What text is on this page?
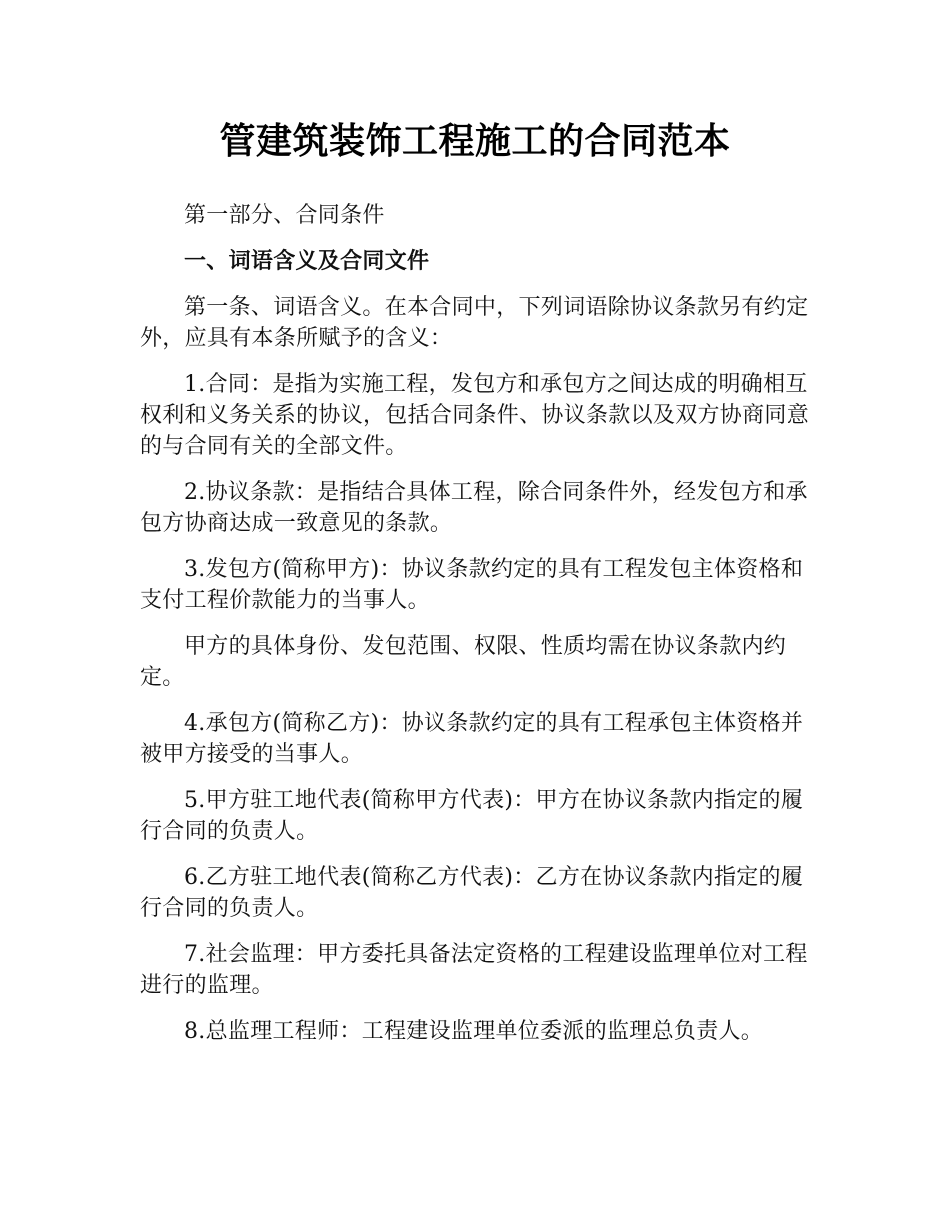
管建筑装饰工程施工的合同范本

第一部分、合同条件

一、词语含义及合同文件

第一条、词语含义。在本合同中，下列词语除协议条款另有约定外，应具有本条所赋予的含义：

1.合同：是指为实施工程，发包方和承包方之间达成的明确相互权利和义务关系的协议，包括合同条件、协议条款以及双方协商同意的与合同有关的全部文件。

2.协议条款：是指结合具体工程，除合同条件外，经发包方和承包方协商达成一致意见的条款。

3.发包方(简称甲方)：协议条款约定的具有工程发包主体资格和支付工程价款能力的当事人。

甲方的具体身份、发包范围、权限、性质均需在协议条款内约定。

4.承包方(简称乙方)：协议条款约定的具有工程承包主体资格并被甲方接受的当事人。

5.甲方驻工地代表(简称甲方代表)：甲方在协议条款内指定的履行合同的负责人。

6.乙方驻工地代表(简称乙方代表)：乙方在协议条款内指定的履行合同的负责人。

7.社会监理：甲方委托具备法定资格的工程建设监理单位对工程进行的监理。

8.总监理工程师：工程建设监理单位委派的监理总负责人。
